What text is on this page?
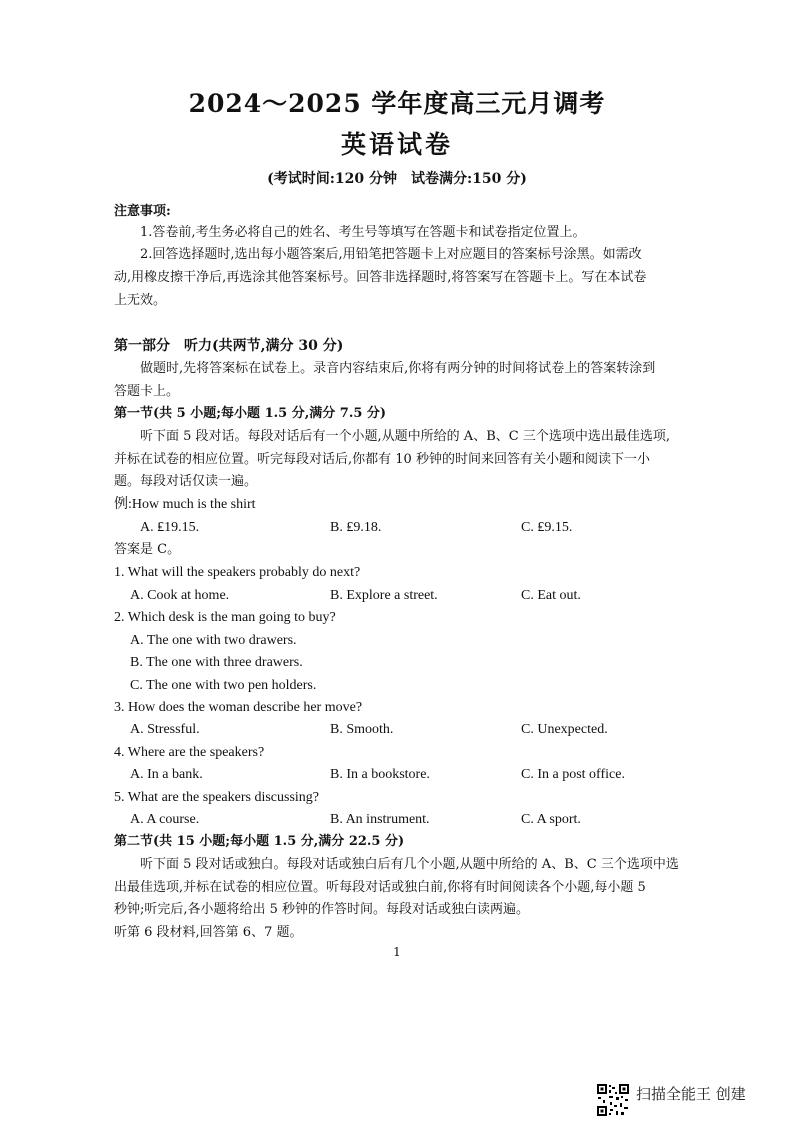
2024～2025 学年度高三元月调考
英语试卷
(考试时间:120 分钟　试卷满分:150 分)
注意事项:
1.答卷前,考生务必将自己的姓名、考生号等填写在答题卡和试卷指定位置上。
2.回答选择题时,选出每小题答案后,用铅笔把答题卡上对应题目的答案标号涂黑。如需改
动,用橡皮擦干净后,再选涂其他答案标号。回答非选择题时,将答案写在答题卡上。写在本试卷
上无效。
第一部分　听力(共两节,满分 30 分)
做题时,先将答案标在试卷上。录音内容结束后,你将有两分钟的时间将试卷上的答案转涂到
答题卡上。
第一节(共 5 小题;每小题 1.5 分,满分 7.5 分)
听下面 5 段对话。每段对话后有一个小题,从题中所给的 A、B、C 三个选项中选出最佳选项,
并标在试卷的相应位置。听完每段对话后,你都有 10 秒钟的时间来回答有关小题和阅读下一小
题。每段对话仅读一遍。
例:How much is the shirt
A. ₤19.15.	B. ₤9.18.	C. ₤9.15.
答案是 C。
1. What will the speakers probably do next?
A. Cook at home.	B. Explore a street.	C. Eat out.
2. Which desk is the man going to buy?
A. The one with two drawers.
B. The one with three drawers.
C. The one with two pen holders.
3. How does the woman describe her move?
A. Stressful.	B. Smooth.	C. Unexpected.
4. Where are the speakers?
A. In a bank.	B. In a bookstore.	C. In a post office.
5. What are the speakers discussing?
A. A course.	B. An instrument.	C. A sport.
第二节(共 15 小题;每小题 1.5 分,满分 22.5 分)
听下面 5 段对话或独白。每段对话或独白后有几个小题,从题中所给的 A、B、C 三个选项中选
出最佳选项,并标在试卷的相应位置。听每段对话或独白前,你将有时间阅读各个小题,每小题 5
秒钟;听完后,各小题将给出 5 秒钟的作答时间。每段对话或独白读两遍。
听第 6 段材料,回答第 6、7 题。
1
扫描全能王 创建
